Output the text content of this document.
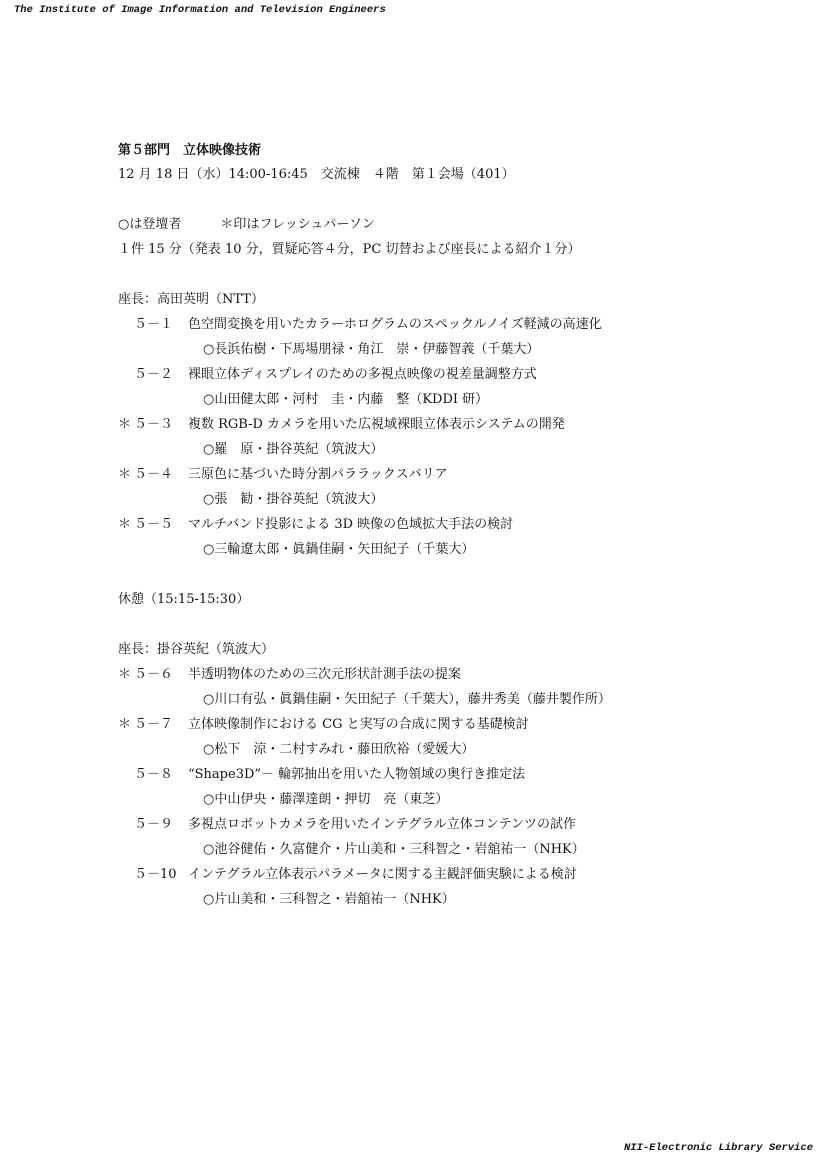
The Institute of Image Information and Television Engineers
第５部門　立体映像技術
12 月 18 日（水）14:00-16:45　交流棟　４階　第１会場（401）
○は登壇者　　　＊印はフレッシュパーソン
１件 15 分（発表 10 分，質疑応答４分，PC 切替および座長による紹介１分）
座長：高田英明（NTT）
５－１ 色空間変換を用いたカラーホログラムのスペックルノイズ軽減の高速化
○長浜佑樹・下馬場朋禄・角江　崇・伊藤智義（千葉大）
５－２ 裸眼立体ディスプレイのための多視点映像の視差量調整方式
○山田健太郎・河村　圭・内藤　整（KDDI 研）
＊ ５－３ 複数 RGB-D カメラを用いた広視域裸眼立体表示システムの開発
○羅　原・掛谷英紀（筑波大）
＊ ５－４ 三原色に基づいた時分割パララックスバリア
○張　勧・掛谷英紀（筑波大）
＊ ５－５ マルチバンド投影による 3D 映像の色域拡大手法の検討
○三輪遼太郎・眞鍋佳嗣・矢田紀子（千葉大）
休憩（15:15-15:30）
座長：掛谷英紀（筑波大）
＊ ５－６ 半透明物体のための三次元形状計測手法の提案
○川口有弘・眞鍋佳嗣・矢田紀子（千葉大），藤井秀美（藤井製作所）
＊ ５－７ 立体映像制作における CG と実写の合成に関する基礎検討
○松下　涼・二村すみれ・藤田欣裕（愛媛大）
５－８ “Shape3D”－ 輪郭抽出を用いた人物領域の奥行き推定法
○中山伊央・藤澤達朗・押切　亮（東芝）
５－９ 多視点ロボットカメラを用いたインテグラル立体コンテンツの試作
○池谷健佑・久富健介・片山美和・三科智之・岩舘祐一（NHK）
５－10 インテグラル立体表示パラメータに関する主観評価実験による検討
○片山美和・三科智之・岩舘祐一（NHK）
NII-Electronic Library Service
